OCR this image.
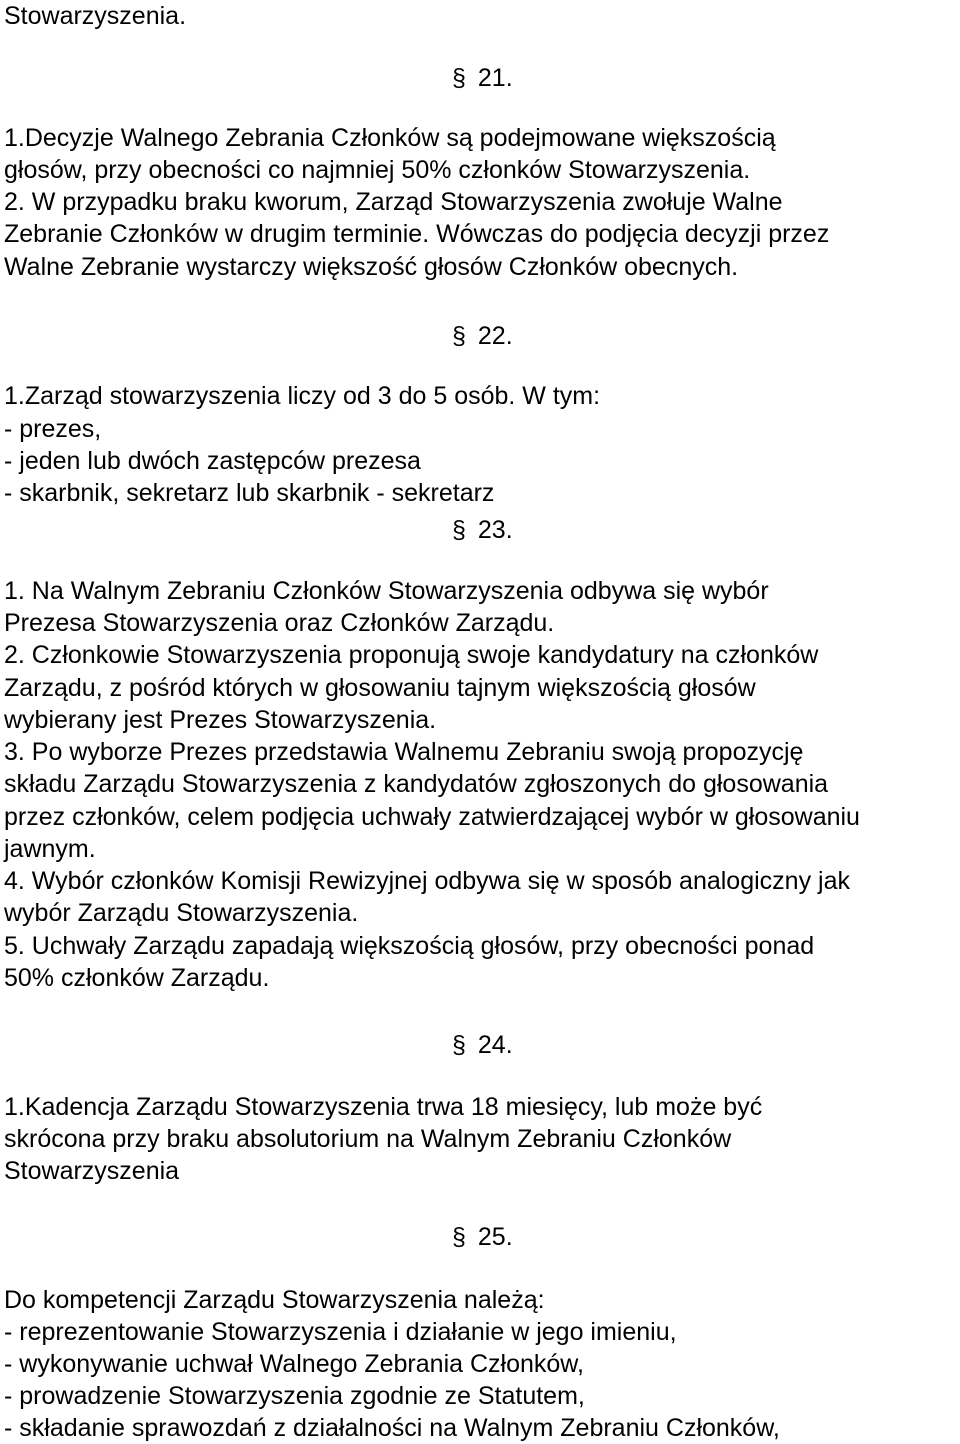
Stowarzyszenia.
§ 21.
1.Decyzje Walnego Zebrania Członków są podejmowane większością
głosów, przy obecności co najmniej 50% członków Stowarzyszenia.
2. W przypadku braku kworum, Zarząd Stowarzyszenia zwołuje Walne
Zebranie Członków w drugim terminie. Wówczas do podjęcia decyzji przez
Walne Zebranie wystarczy większość głosów Członków obecnych.
§ 22.
1.Zarząd stowarzyszenia liczy od 3 do 5 osób. W tym:
- prezes,
- jeden lub dwóch zastępców prezesa
- skarbnik, sekretarz lub skarbnik - sekretarz
§ 23.
1. Na Walnym Zebraniu Członków Stowarzyszenia odbywa się wybór
Prezesa Stowarzyszenia oraz Członków Zarządu.
2. Członkowie Stowarzyszenia proponują swoje kandydatury na członków
Zarządu, z pośród których w głosowaniu tajnym większością głosów
wybierany jest Prezes Stowarzyszenia.
3. Po wyborze Prezes przedstawia Walnemu Zebraniu swoją propozycję
składu Zarządu Stowarzyszenia z kandydatów zgłoszonych do głosowania
przez członków, celem podjęcia uchwały zatwierdzającej wybór w głosowaniu
jawnym.
4. Wybór członków Komisji Rewizyjnej odbywa się w sposób analogiczny jak
wybór Zarządu Stowarzyszenia.
5. Uchwały Zarządu zapadają większością głosów, przy obecności ponad
50% członków Zarządu.
§ 24.
1.Kadencja Zarządu Stowarzyszenia trwa 18 miesięcy, lub może być
skrócona przy braku absolutorium na Walnym Zebraniu Członków
Stowarzyszenia
§ 25.
Do kompetencji Zarządu Stowarzyszenia należą:
- reprezentowanie Stowarzyszenia i działanie w jego imieniu,
- wykonywanie uchwał Walnego Zebrania Członków,
- prowadzenie Stowarzyszenia zgodnie ze Statutem,
- składanie sprawozdań z działalności na Walnym Zebraniu Członków,
